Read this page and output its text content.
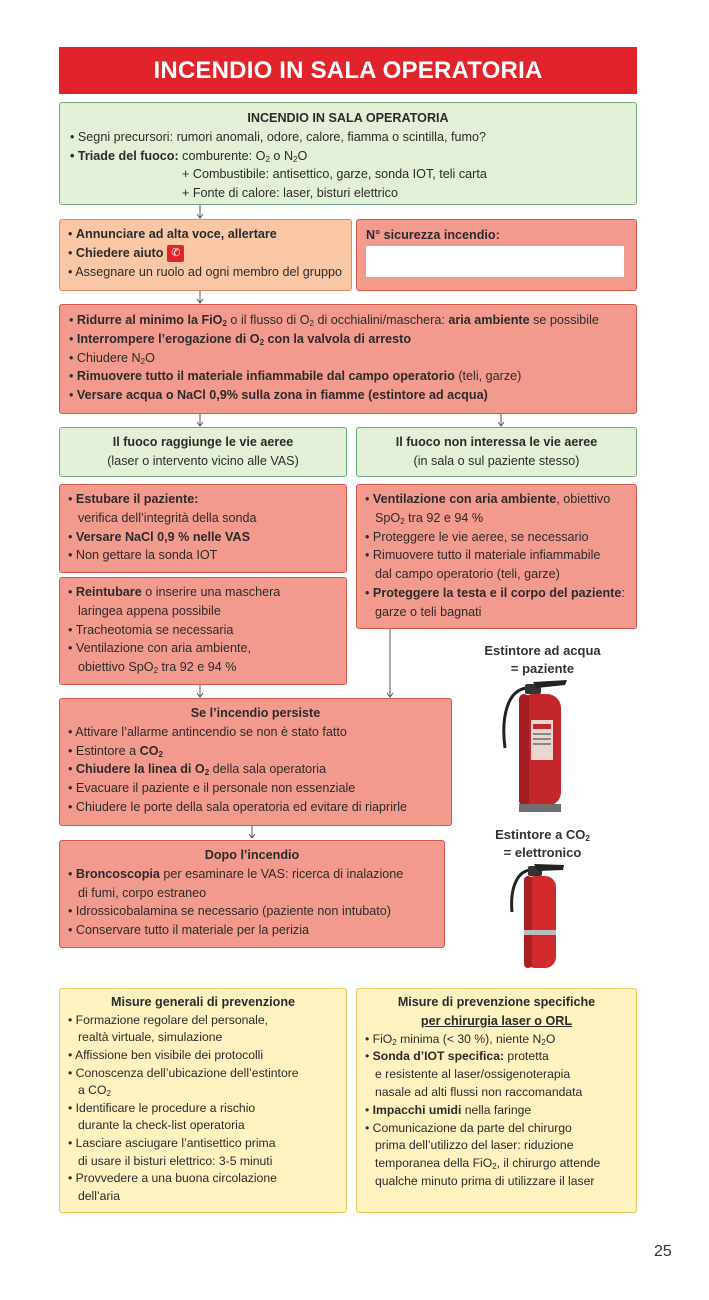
INCENDIO IN SALA OPERATORIA
INCENDIO IN SALA OPERATORIA
• Segni precursori: rumori anomali, odore, calore, fiamma o scintilla, fumo?
• Triade del fuoco: comburente: $O_2$ o $N_2O$
+ Combustibile: antisettico, garze, sonda IOT, teli carta
+ Fonte di calore: laser, bisturi elettrico
• Annunciare ad alta voce, allertare
• Chiedere aiuto ✆
• Assegnare un ruolo ad ogni membro del gruppo
N° sicurezza incendio:
• Ridurre al minimo la FiO$_2$ o il flusso di $O_2$ di occhialini/maschera: aria ambiente se possibile
• Interrompere l’erogazione di $O_2$ con la valvola di arresto
• Chiudere $N_2O$
• Rimuovere tutto il materiale infiammabile dal campo operatorio (teli, garze)
• Versare acqua o NaCl 0,9% sulla zona in fiamme (estintore ad acqua)
Il fuoco raggiunge le vie aeree
(laser o intervento vicino alle VAS)
Il fuoco non interessa le vie aeree
(in sala o sul paziente stesso)
• Estubare il paziente:
verifica dell’integrità della sonda
• Versare NaCl 0,9 % nelle VAS
• Non gettare la sonda IOT
• Reintubare o inserire una maschera
laringea appena possibile
• Tracheotomia se necessaria
• Ventilazione con aria ambiente,
obiettivo SpO$_2$ tra 92 e 94 %
• Ventilazione con aria ambiente, obiettivo
SpO$_2$ tra 92 e 94 %
• Proteggere le vie aeree, se necessario
• Rimuovere tutto il materiale infiammabile
dal campo operatorio (teli, garze)
• Proteggere la testa e il corpo del paziente:
garze o teli bagnati
Se l’incendio persiste
• Attivare l’allarme antincendio se non è stato fatto
• Estintore a $CO_2$
• Chiudere la linea di $O_2$ della sala operatoria
• Evacuare il paziente e il personale non essenziale
• Chiudere le porte della sala operatoria ed evitare di riaprirle
Dopo l’incendio
• Broncoscopia per esaminare le VAS: ricerca di inalazione
di fumi, corpo estraneo
• Idrossicobalamina se necessario (paziente non intubato)
• Conservare tutto il materiale per la perizia
Estintore ad acqua
= paziente
Estintore a $CO_2$
= elettronico
Misure generali di prevenzione
• Formazione regolare del personale,
realtà virtuale, simulazione
• Affissione ben visibile dei protocolli
• Conoscenza dell’ubicazione dell’estintore
a $CO_2$
• Identificare le procedure a rischio
durante la check-list operatoria
• Lasciare asciugare l’antisettico prima
di usare il bisturi elettrico: 3-5 minuti
• Provvedere a una buona circolazione
dell’aria
Misure di prevenzione specifiche
per chirurgia laser o ORL
• FiO$_2$ minima (< 30 %), niente $N_2O$
• Sonda d’IOT specifica: protetta
e resistente al laser/ossigenoterapia
nasale ad alti flussi non raccomandata
• Impacchi umidi nella faringe
• Comunicazione da parte del chirurgo
prima dell’utilizzo del laser: riduzione
temporanea della FiO$_2$, il chirurgo attende
qualche minuto prima di utilizzare il laser
25
